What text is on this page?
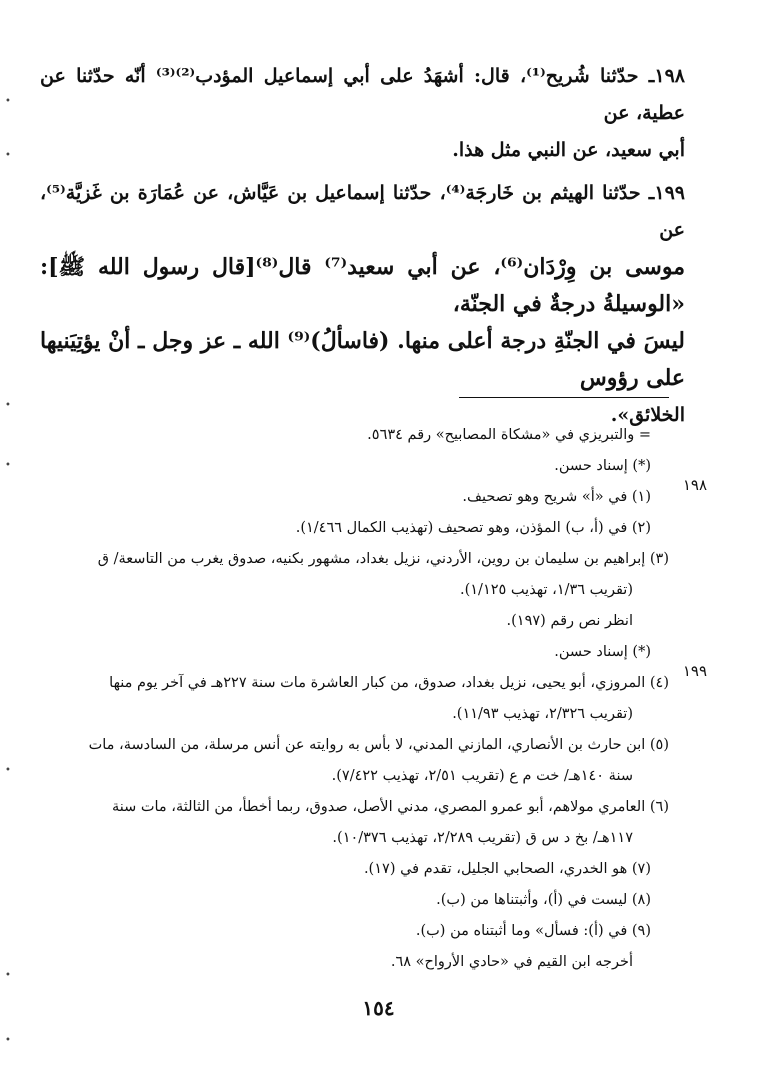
١٩٨ـ حدّثنا شُريح⁽¹⁾، قال: أشهَدُ على أبي إسماعيل المؤدب⁽²⁾⁽³⁾ أنّه حدّثنا عن عطية، عن
أبي سعيد، عن النبي مثل هذا.

١٩٩ـ حدّثنا الهيثم بن خَارجَة⁽⁴⁾، حدّثنا إسماعيل بن عَيَّاش، عن عُمَارَة بن غَزيَّة⁽⁵⁾، عن
موسى بن وِرْدَان⁽⁶⁾، عن أبي سعيد⁽⁷⁾ قال⁽⁸⁾[قال رسول الله ﷺ]: «الوسيلةُ درجةٌ في الجنّة،
ليسَ في الجنّةِ درجة أعلى منها. (فاسألُ)⁽⁹⁾ الله ـ عز وجل ـ أنْ يؤتِيَنيها على رؤوس
الخلائق».

= والتبريزي في «مشكاة المصابيح» رقم ٥٦٣٤.
(*) إسناد حسن.
(١) في «أ» شريح وهو تصحيف.
(٢) في (أ، ب) المؤذن، وهو تصحيف (تهذيب الكمال ١/٤٦٦).
(٣) إبراهيم بن سليمان بن روين، الأردني، نزيل بغداد، مشهور بكنيه، صدوق يغرب من التاسعة/ ق
(تقريب ١/٣٦، تهذيب ١/١٢٥).
انظر نص رقم (١٩٧).
(*) إسناد حسن.
(٤) المروزي، أبو يحيى، نزيل بغداد، صدوق، من كبار العاشرة مات سنة ٢٢٧هـ في آخر يوم منها
(تقريب ٢/٣٢٦، تهذيب ١١/٩٣).
(٥) ابن حارث بن الأنصاري، المازني المدني، لا بأس به روايته عن أنس مرسلة، من السادسة، مات
سنة ١٤٠هـ/ خت م ع (تقريب ٢/٥١، تهذيب ٧/٤٢٢).
(٦) العامري مولاهم، أبو عمرو المصري، مدني الأصل، صدوق، ربما أخطأ، من الثالثة، مات سنة
١١٧هـ/ بخ د س ق (تقريب ٢/٢٨٩، تهذيب ١٠/٣٧٦).
(٧) هو الخدري، الصحابي الجليل، تقدم في (١٧).
(٨) ليست في (أ)، وأثبتناها من (ب).
(٩) في (أ): فسأل» وما أثبتناه من (ب).
أخرجه ابن القيم في «حادي الأرواح» ٦٨.
١٩٨
١٩٩
١٥٤
•
•
•
•
•
•
•
